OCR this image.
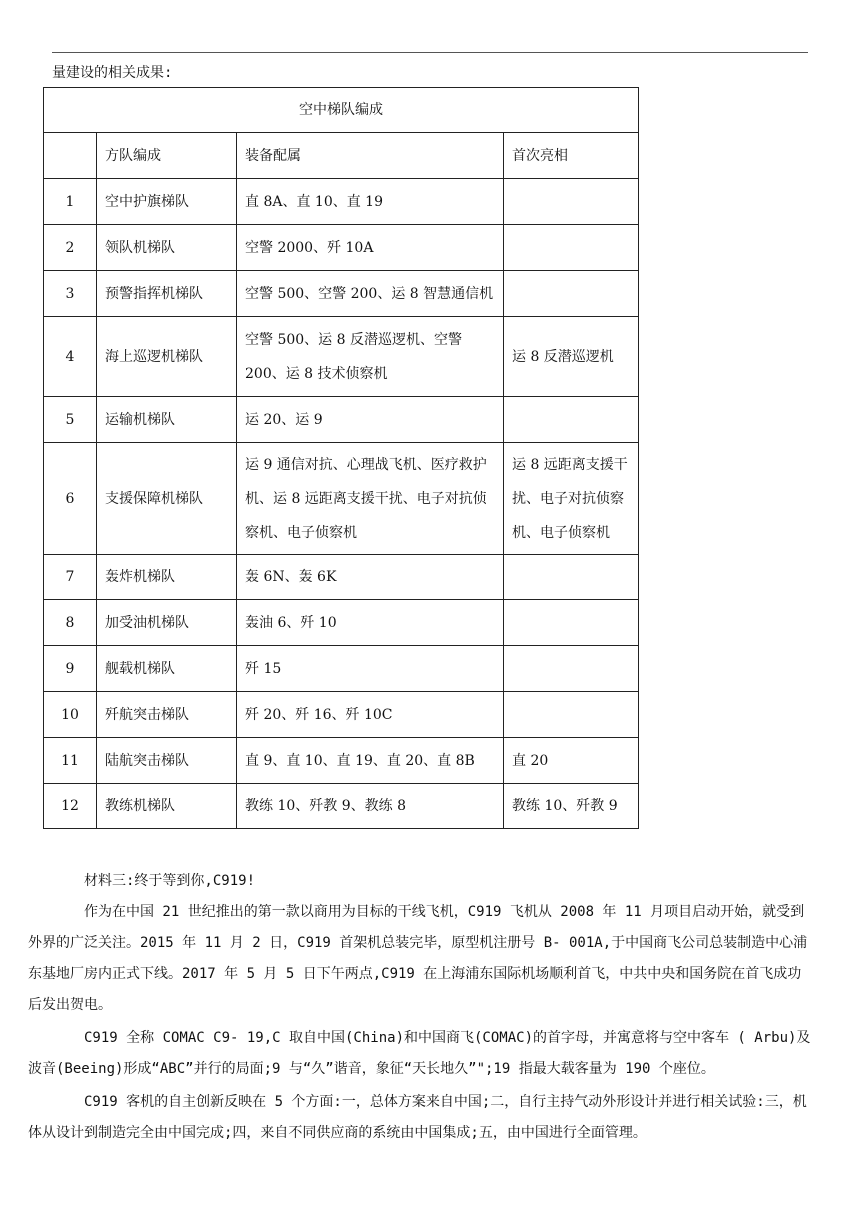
量建设的相关成果:
空中梯队编成			
	方队编成	装备配属	首次亮相
1	空中护旗梯队	直 8A、直 10、直 19	
2	领队机梯队	空警 2000、歼 10A	
3	预警指挥机梯队	空警 500、空警 200、运 8 智慧通信机	
4	海上巡逻机梯队	空警 500、运 8 反潜巡逻机、空警 200、运 8 技术侦察机	运 8 反潜巡逻机
5	运输机梯队	运 20、运 9	
6	支援保障机梯队	运 9 通信对抗、心理战飞机、医疗救护机、运 8 远距离支援干扰、电子对抗侦察机、电子侦察机	运 8 远距离支援干扰、电子对抗侦察机、电子侦察机
7	轰炸机梯队	轰 6N、轰 6K	
8	加受油机梯队	轰油 6、歼 10	
9	舰载机梯队	歼 15	
10	歼航突击梯队	歼 20、歼 16、歼 10C	
11	陆航突击梯队	直 9、直 10、直 19、直 20、直 8B	直 20
12	教练机梯队	教练 10、歼教 9、教练 8	教练 10、歼教 9

材料三:终于等到你,C919!

作为在中国 21 世纪推出的第一款以商用为目标的干线飞机，C919 飞机从 2008 年 11 月项目启动开始，就受到外界的广泛关注。2015 年 11 月 2 日，C919 首架机总装完毕，原型机注册号 B- 001A,于中国商飞公司总装制造中心浦东基地厂房内正式下线。2017 年 5 月 5 日下午两点,C919 在上海浦东国际机场顺利首飞，中共中央和国务院在首飞成功后发出贺电。

C919 全称 COMAC C9- 19,C 取自中国(China)和中国商飞(COMAC)的首字母，并寓意将与空中客车 ( Arbu)及波音(Beeing)形成“ABC”并行的局面;9 与“久”谐音，象征“天长地久”";19 指最大载客量为 190 个座位。

C919 客机的自主创新反映在 5 个方面:一，总体方案来自中国;二，自行主持气动外形设计并进行相关试验:三，机体从设计到制造完全由中国完成;四，来自不同供应商的系统由中国集成;五，由中国进行全面管理。
